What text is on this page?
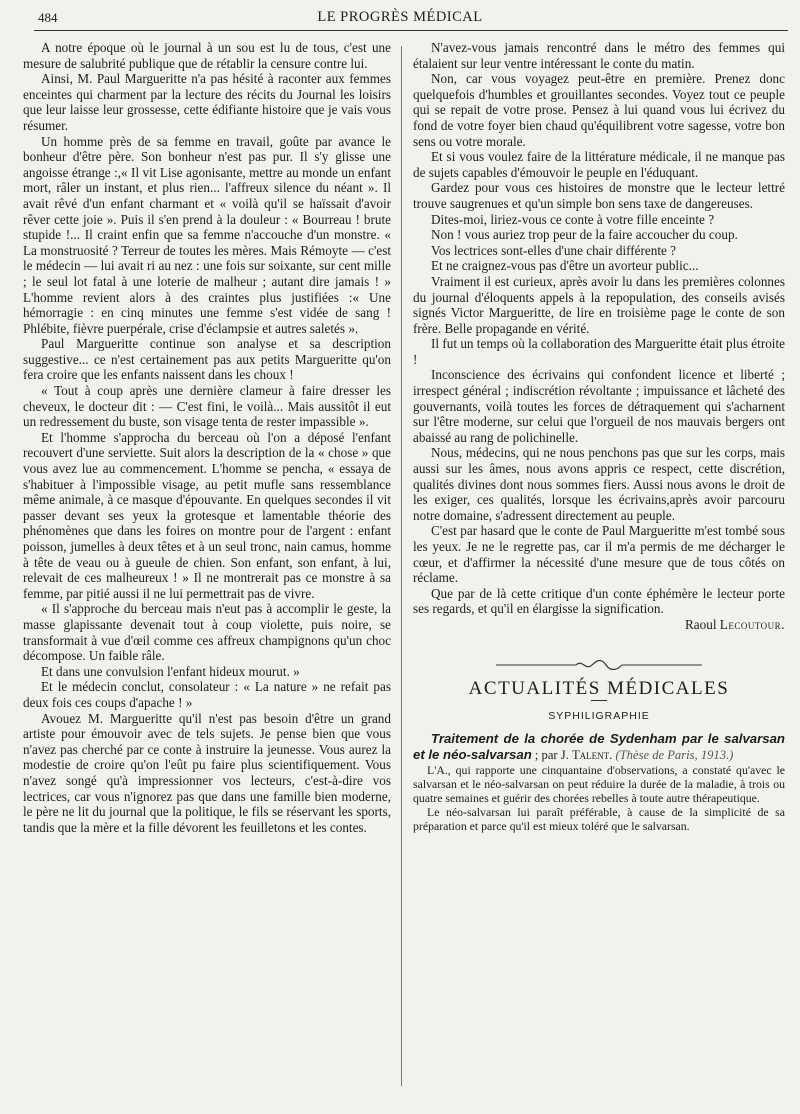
484	LE PROGRÈS MÉDICAL

A notre époque où le journal à un sou est lu de tous, c'est une mesure de salubrité publique que de rétablir la censure contre lui.

Ainsi, M. Paul Margueritte n'a pas hésité à raconter aux femmes enceintes qui charment par la lecture des récits du Journal les loisirs que leur laisse leur grossesse, cette édifiante histoire que je vais vous résumer.

Un homme près de sa femme en travail, goûte par avance le bonheur d'être père. Son bonheur n'est pas pur. Il s'y glisse une angoisse étrange :,« Il vit Lise agonisante, mettre au monde un enfant mort, râler un instant, et plus rien... l'affreux silence du néant ». Il avait rêvé d'un enfant charmant et « voilà qu'il se haïssait d'avoir rêver cette joie ». Puis il s'en prend à la douleur : « Bourreau ! brute stupide !... Il craint enfin que sa femme n'accouche d'un monstre. « La monstruosité ? Terreur de toutes les mères. Mais Rémoyte — c'est le médecin — lui avait ri au nez : une fois sur soixante, sur cent mille ; le seul lot fatal à une loterie de malheur ; autant dire jamais ! » L'homme revient alors à des craintes plus justifiées :« Une hémorragie : en cinq minutes une femme s'est vidée de sang ! Phlébite, fièvre puerpérale, crise d'éclampsie et autres saletés ».

Paul Margueritte continue son analyse et sa description suggestive... ce n'est certainement pas aux petits Margueritte qu'on fera croire que les enfants naissent dans les choux !

« Tout à coup après une dernière clameur à faire dresser les cheveux, le docteur dit : — C'est fini, le voilà... Mais aussitôt il eut un redressement du buste, son visage tenta de rester impassible ».

Et l'homme s'approcha du berceau où l'on a déposé l'enfant recouvert d'une serviette. Suit alors la description de la « chose » que vous avez lue au commencement. L'homme se pencha, « essaya de s'habituer à l'impossible visage, au petit mufle sans ressemblance même animale, à ce masque d'épouvante. En quelques secondes il vit passer devant ses yeux la grotesque et lamentable théorie des phénomènes que dans les foires on montre pour de l'argent : enfant poisson, jumelles à deux têtes et à un seul tronc, nain camus, homme à tête de veau ou à gueule de chien. Son enfant, son enfant, à lui, relevait de ces malheureux ! » Il ne montrerait pas ce monstre à sa femme, par pitié aussi il ne lui permettrait pas de vivre.

« Il s'approche du berceau mais n'eut pas à accomplir le geste, la masse glapissante devenait tout à coup violette, puis noire, se transformait à vue d'œil comme ces affreux champignons qu'un choc décompose. Un faible râle.

Et dans une convulsion l'enfant hideux mourut. »

Et le médecin conclut, consolateur : « La nature » ne refait pas deux fois ces coups d'apache ! »

Avouez M. Margueritte qu'il n'est pas besoin d'être un grand artiste pour émouvoir avec de tels sujets. Je pense bien que vous n'avez pas cherché par ce conte à instruire la jeunesse. Vous aurez la modestie de croire qu'on l'eût pu faire plus scientifiquement. Vous n'avez songé qu'à impressionner vos lecteurs, c'est-à-dire vos lectrices, car vous n'ignorez pas que dans une famille bien moderne, le père ne lit du journal que la politique, le fils se réservant les sports, tandis que la mère et la fille dévorent les feuilletons et les contes.

N'avez-vous jamais rencontré dans le métro des femmes qui étalaient sur leur ventre intéressant le conte du matin.

Non, car vous voyagez peut-être en première. Prenez donc quelquefois d'humbles et grouillantes secondes. Voyez tout ce peuple qui se repait de votre prose. Pensez à lui quand vous lui écrivez du fond de votre foyer bien chaud qu'équilibrent votre sagesse, votre bon sens ou votre morale.

Et si vous voulez faire de la littérature médicale, il ne manque pas de sujets capables d'émouvoir le peuple en l'éduquant.

Gardez pour vous ces histoires de monstre que le lecteur lettré trouve saugrenues et qu'un simple bon sens taxe de dangereuses.

Dites-moi, liriez-vous ce conte à votre fille enceinte ?

Non ! vous auriez trop peur de la faire accoucher du coup.

Vos lectrices sont-elles d'une chair différente ?

Et ne craignez-vous pas d'être un avorteur public...

Vraiment il est curieux, après avoir lu dans les premières colonnes du journal d'éloquents appels à la repopulation, des conseils avisés signés Victor Margueritte, de lire en troisième page le conte de son frère. Belle propagande en vérité.

Il fut un temps où la collaboration des Margueritte était plus étroite !

Inconscience des écrivains qui confondent licence et liberté ; irrespect général ; indiscrétion révoltante ; impuissance et lâcheté des gouvernants, voilà toutes les forces de détraquement qui s'acharnent sur l'être moderne, sur celui que l'orgueil de nos mauvais bergers ont abaissé au rang de polichinelle.

Nous, médecins, qui ne nous penchons pas que sur les corps, mais aussi sur les âmes, nous avons appris ce respect, cette discrétion, qualités divines dont nous sommes fiers. Aussi nous avons le droit de les exiger, ces qualités, lorsque les écrivains,après avoir parcouru notre domaine, s'adressent directement au peuple.

C'est par hasard que le conte de Paul Margueritte m'est tombé sous les yeux. Je ne le regrette pas, car il m'a permis de me décharger le cœur, et d'affirmer la nécessité d'une mesure que de tous côtés on réclame.

Que par de là cette critique d'un conte éphémère le lecteur porte ses regards, et qu'il en élargisse la signification.

Raoul Lecoutour.

ACTUALITÉS MÉDICALES
SYPHILIGRAPHIE

Traitement de la chorée de Sydenham par le salvarsan et le néo-salvarsan ; par J. Talent. (Thèse de Paris, 1913.)

L'A., qui rapporte une cinquantaine d'observations, a constaté qu'avec le salvarsan et le néo-salvarsan on peut réduire la durée de la maladie, à trois ou quatre semaines et guérir des chorées rebelles à toute autre thérapeutique.

Le néo-salvarsan lui paraît préférable, à cause de la simplicité de sa préparation et parce qu'il est mieux toléré que le salvarsan.
